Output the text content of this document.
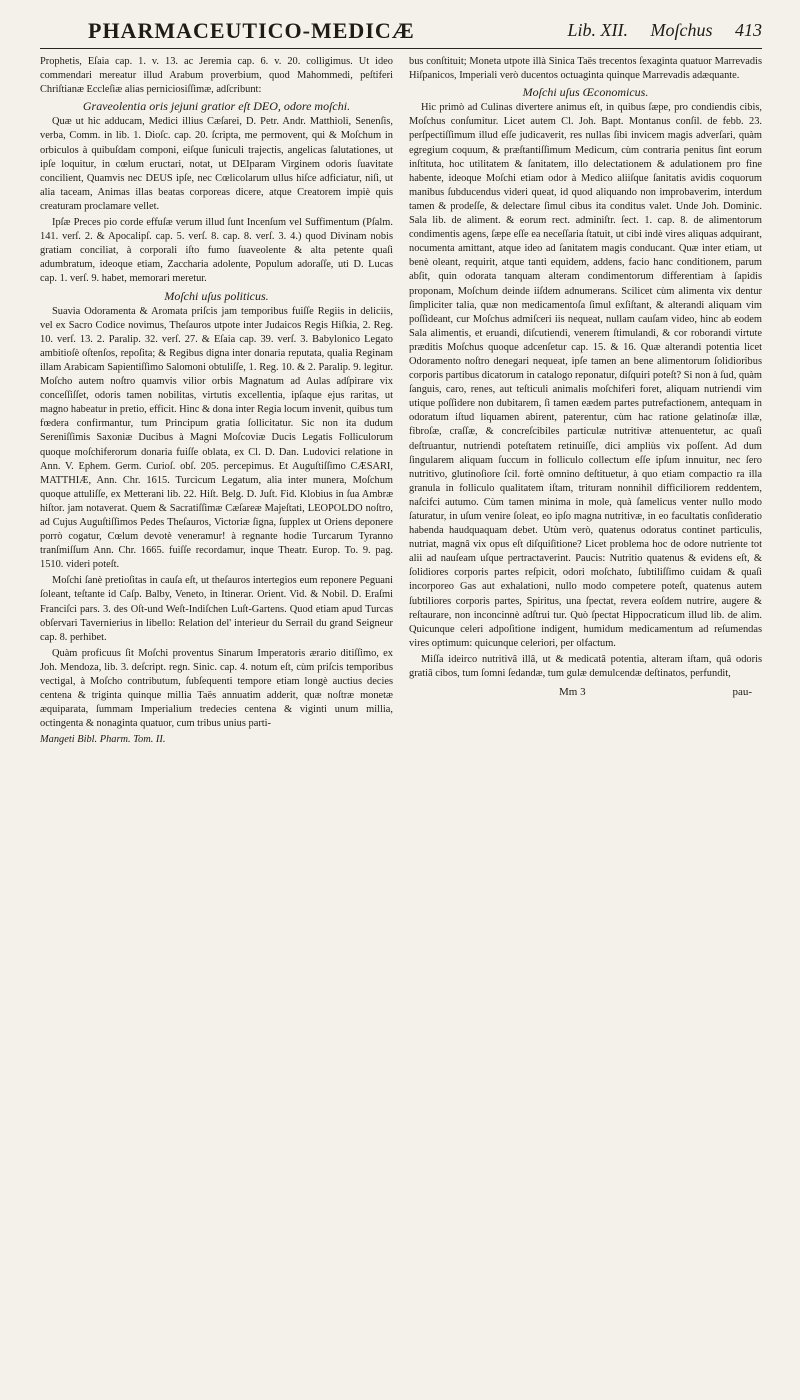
PHARMACEUTICO-MEDICÆ	Lib. XII. Moſchus 413

Prophetis, Eſaia cap. 1. v. 13. ac Jeremia cap. 6. v. 20. colligimus. Ut ideo commendari mereatur illud Arabum proverbium, quod Mahommedi, peſtiferi Chriſtianæ Eccleſiæ alias perniciosiſſimæ, adſcribunt:

Graveolentia oris jejuni gratior eſt DEO, odore moſchi.

Quæ ut hic adducam, Medici illius Cæſarei, D. Petr. Andr. Matthioli, Senenſis, verba, Comm. in lib. 1. Dioſc. cap. 20. ſcripta, me permovent, qui & Moſchum in orbiculos à quibuſdam componi, eiſque ſuniculi trajectis, angelicas ſalutationes, ut ipſe loquitur, in cœlum eructari, notat, ut DEIparam Virginem odoris ſuavitate concilient, Quamvis nec DEUS ipſe, nec Cœlicolarum ullus hiſce adficiatur, niſi, ut alia taceam, Animas illas beatas corporeas dicere, atque Creatorem impiè quis creaturam proclamare vellet.

Ipſæ Preces pio corde effuſæ verum illud ſunt Incenſum vel Suffimentum (Pſalm. 141. verſ. 2. & Apocalipſ. cap. 5. verſ. 8. cap. 8. verſ. 3. 4.) quod Divinam nobis gratiam conciliat, à corporali iſto fumo ſuaveolente & alta petente quaſi adumbratum, ideoque etiam, Zaccharia adolente, Populum adoraſſe, uti D. Lucas cap. 1. verſ. 9. habet, memorari meretur.

Moſchi uſus politicus.

Suavia Odoramenta & Aromata priſcis jam temporibus fuiſſe Regiis in deliciis, vel ex Sacro Codice novimus, Theſauros utpote inter Judaicos Regis Hiſkia, 2. Reg. 10. verſ. 13. 2. Paralip. 32. verſ. 27. & Eſaia cap. 39. verſ. 3. Babylonico Legato ambitioſè oſtenſos, repoſita; & Regibus digna inter donaria reputata, qualia Reginam illam Arabicam Sapientiſſimo Salomoni obtuliſſe, 1. Reg. 10. & 2. Paralip. 9. legitur. Moſcho autem noſtro quamvis vilior orbis Magnatum ad Aulas adſpirare vix conceſſiſſet, odoris tamen nobilitas, virtutis excellentia, ipſaque ejus raritas, ut magno habeatur in pretio, efficit. Hinc & dona inter Regia locum invenit, quibus tum fœdera confirmantur, tum Principum gratia ſollicitatur. Sic non ita dudum Sereniſſimis Saxoniæ Ducibus à Magni Moſcoviæ Ducis Legatis Folliculorum quoque moſchiferorum donaria fuiſſe oblata, ex Cl. D. Dan. Ludovici relatione in Ann. V. Ephem. Germ. Curioſ. obſ. 205. percepimus. Et Auguſtiſſimo CÆSARI, MATTHIÆ, Ann. Chr. 1615. Turcicum Legatum, alia inter munera, Moſchum quoque attuliſſe, ex Metterani lib. 22. Hiſt. Belg. D. Juſt. Fid. Klobius in ſua Ambræ hiſtor. jam notaverat. Quem & Sacratiſſimæ Cæſareæ Majeſtati, LEOPOLDO noſtro, ad Cujus Auguſtiſſimos Pedes Theſauros, Victoriæ ſigna, ſupplex ut Oriens deponere porrò cogatur, Cœlum devotè veneramur! à regnante hodie Turcarum Tyranno tranſmiſſum Ann. Chr. 1665. fuiſſe recordamur, inque Theatr. Europ. To. 9. pag. 1510. videri poteſt.

Moſchi ſanè pretioſitas in cauſa eſt, ut theſauros intertegios eum reponere Peguani ſoleant, teſtante id Caſp. Balby, Veneto, in Itinerar. Orient. Vid. & Nobil. D. Eraſmi Franciſci pars. 3. des Oſt-und Weſt-Indiſchen Luſt-Gartens. Quod etiam apud Turcas obſervari Tavernierius in libello: Relation del' interieur du Serrail du grand Seigneur cap. 8. perhibet.

Quàm proficuus ſit Moſchi proventus Sinarum Imperatoris ærario ditiſſimo, ex Joh. Mendoza, lib. 3. deſcript. regn. Sinic. cap. 4. notum eſt, cùm priſcis temporibus vectigal, à Moſcho contributum, ſubſequenti tempore etiam longè auctius decies centena & triginta quinque millia Taës annuatim adderit, quæ noſtræ monetæ æquiparata, ſummam Imperialium tredecies centena & viginti unum millia, octingenta & nonaginta quatuor, cum tribus unius parti-

Mangeti Bibl. Pharm. Tom. II.

bus conſtituit; Moneta utpote illà Sinica Taës trecentos ſexaginta quatuor Marrevadis Hiſpanicos, Imperiali verò ducentos octuaginta quinque Marrevadis adæquante.

Moſchi uſus Œconomicus.

Hic primò ad Culinas divertere animus eſt, in quibus ſæpe, pro condiendis cibis, Moſchus conſumitur. Licet autem Cl. Joh. Bapt. Montanus conſil. de febb. 23. perſpectiſſimum illud eſſe judicaverit, res nullas ſibi invicem magis adverſari, quàm egregium coquum, & præſtantiſſimum Medicum, cùm contraria penitus ſint eorum inſtituta, hoc utilitatem & ſanitatem, illo delectationem & adulationem pro fine habente, ideoque Moſchi etiam odor à Medico aliiſque ſanitatis avidis coquorum manibus ſubducendus videri queat, id quod aliquando non improbaverim, interdum tamen & prodeſſe, & delectare ſimul cibus ita conditus valet. Unde Joh. Dominic. Sala lib. de aliment. & eorum rect. adminiſtr. ſect. 1. cap. 8. de alimentorum condimentis agens, ſæpe eſſe ea neceſſaria ſtatuit, ut cibi indè vires aliquas adquirant, nocumenta amittant, atque ideo ad ſanitatem magis conducant. Quæ inter etiam, ut benè oleant, requirit, atque tanti equidem, addens, facio hanc conditionem, parum abſit, quin odorata tanquam alteram condimentorum differentiam à ſapidis proponam, Moſchum deinde iiſdem adnumerans. Scilicet cùm alimenta vix dentur ſimpliciter talia, quæ non medicamentoſa ſimul exſiſtant, & alterandi aliquam vim poſſideant, cur Moſchus admiſceri iis nequeat, nullam cauſam video, hinc ab eodem Sala alimentis, et eruandi, diſcutiendi, venerem ſtimulandi, & cor roborandi virtute præditis Moſchus quoque adcenſetur cap. 15. & 16. Quæ alterandi potentia licet Odoramento noſtro denegari nequeat, ipſe tamen an bene alimentorum ſolidioribus corporis partibus dicatorum in catalogo reponatur, diſquiri poteſt? Si non à ſud, quàm ſanguis, caro, renes, aut teſticuli animalis moſchiferi foret, aliquam nutriendi vim utique poſſidere non dubitarem, ſi tamen eædem partes putrefactionem, antequam in odoratum iſtud liquamen abirent, paterentur, cùm hac ratione gelatinoſæ illæ, fibroſæ, craſſæ, & concreſcibiles particulæ nutritivæ attenuentetur, ac quaſi deſtruantur, nutriendi poteſtatem retinuiſſe, dici ampliùs vix poſſent. Ad dum ſingularem aliquam ſuccum in folliculo collectum eſſe ipſum innuitur, nec ſero nutritivo, glutinoſiore ſcil. fortè omnino deſtituetur, à quo etiam compactio ra illa granula in folliculo qualitatem iſtam, trituram nonnihil difficiliorem reddentem, naſcifci autumo. Cùm tamen minima in mole, quà ſamelicus venter nullo modo ſaturatur, in uſum venire ſoleat, eo ipſo magna nutritivæ, in eo facultatis conſideratio habenda haudquaquam debet. Utùm verò, quatenus odoratus continet particulis, nutriat, magnâ vix opus eſt diſquiſitione? Licet problema hoc de odore nutriente tot alii ad nauſeam uſque pertractaverint. Paucis: Nutritio quatenus & evidens eſt, & ſolidiores corporis partes reſpicit, odori moſchato, ſubtiliſſimo cuidam & quaſi incorporeo Gas aut exhalationi, nullo modo competere poteſt, quatenus autem ſubtiliores corporis partes, Spiritus, una ſpectat, revera eoſdem nutrire, augere & reſtaurare, non inconcinnè adſtrui tur. Quò ſpectat Hippocraticum illud lib. de alim. Quicunque celeri adpoſitione indigent, humidum medicamentum ad reſumendas vires optimum: quicunque celeriori, per olfactum.

Miſſa ideirco nutritivâ illâ, ut & medicatâ potentia, alteram iſtam, quâ odoris gratiâ cibos, tum ſomni ſedandæ, tum gulæ demulcendæ deſtinatos, perfundit,

Mm 3	pau-
